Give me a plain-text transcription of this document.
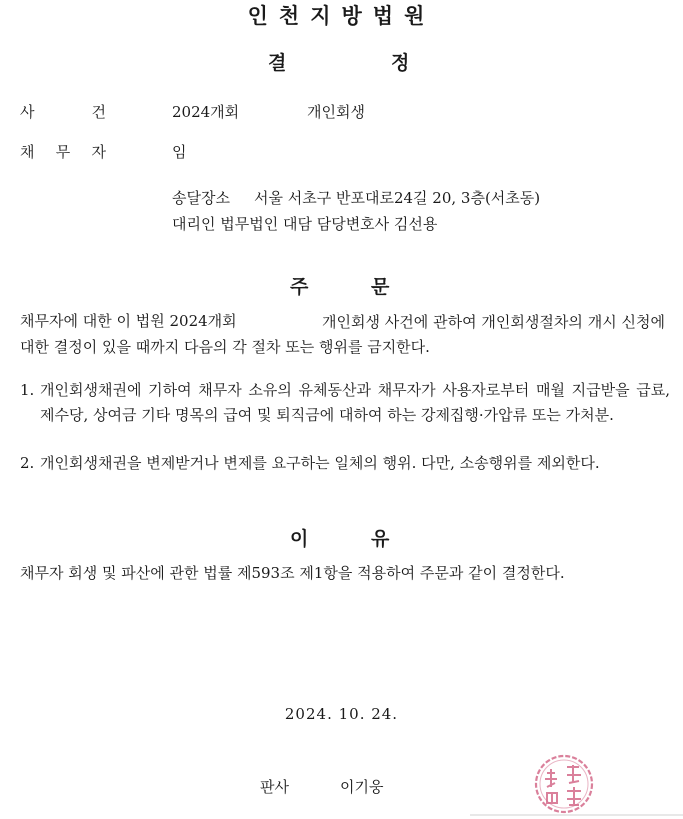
인천지방법원
결	정
사 건	2024개회	개인회생
채 무 자	임
송달장소 서울 서초구 반포대로24길 20, 3층(서초동)
대리인 법무법인 대담 담당변호사 김선용
주	문
채무자에 대한 이 법원 2024개회	개인회생 사건에 관하여 개인회생절차의 개시 신청에 대한 결정이 있을 때까지 다음의 각 절차 또는 행위를 금지한다.
1. 개인회생채권에 기하여 채무자 소유의 유체동산과 채무자가 사용자로부터 매월 지급받을 급료, 제수당, 상여금 기타 명목의 급여 및 퇴직금에 대하여 하는 강제집행·가압류 또는 가처분.
2. 개인회생채권을 변제받거나 변제를 요구하는 일체의 행위. 다만, 소송행위를 제외한다.
이	유
채무자 회생 및 파산에 관한 법률 제593조 제1항을 적용하여 주문과 같이 결정한다.
2024. 10. 24.
판사	이기웅
